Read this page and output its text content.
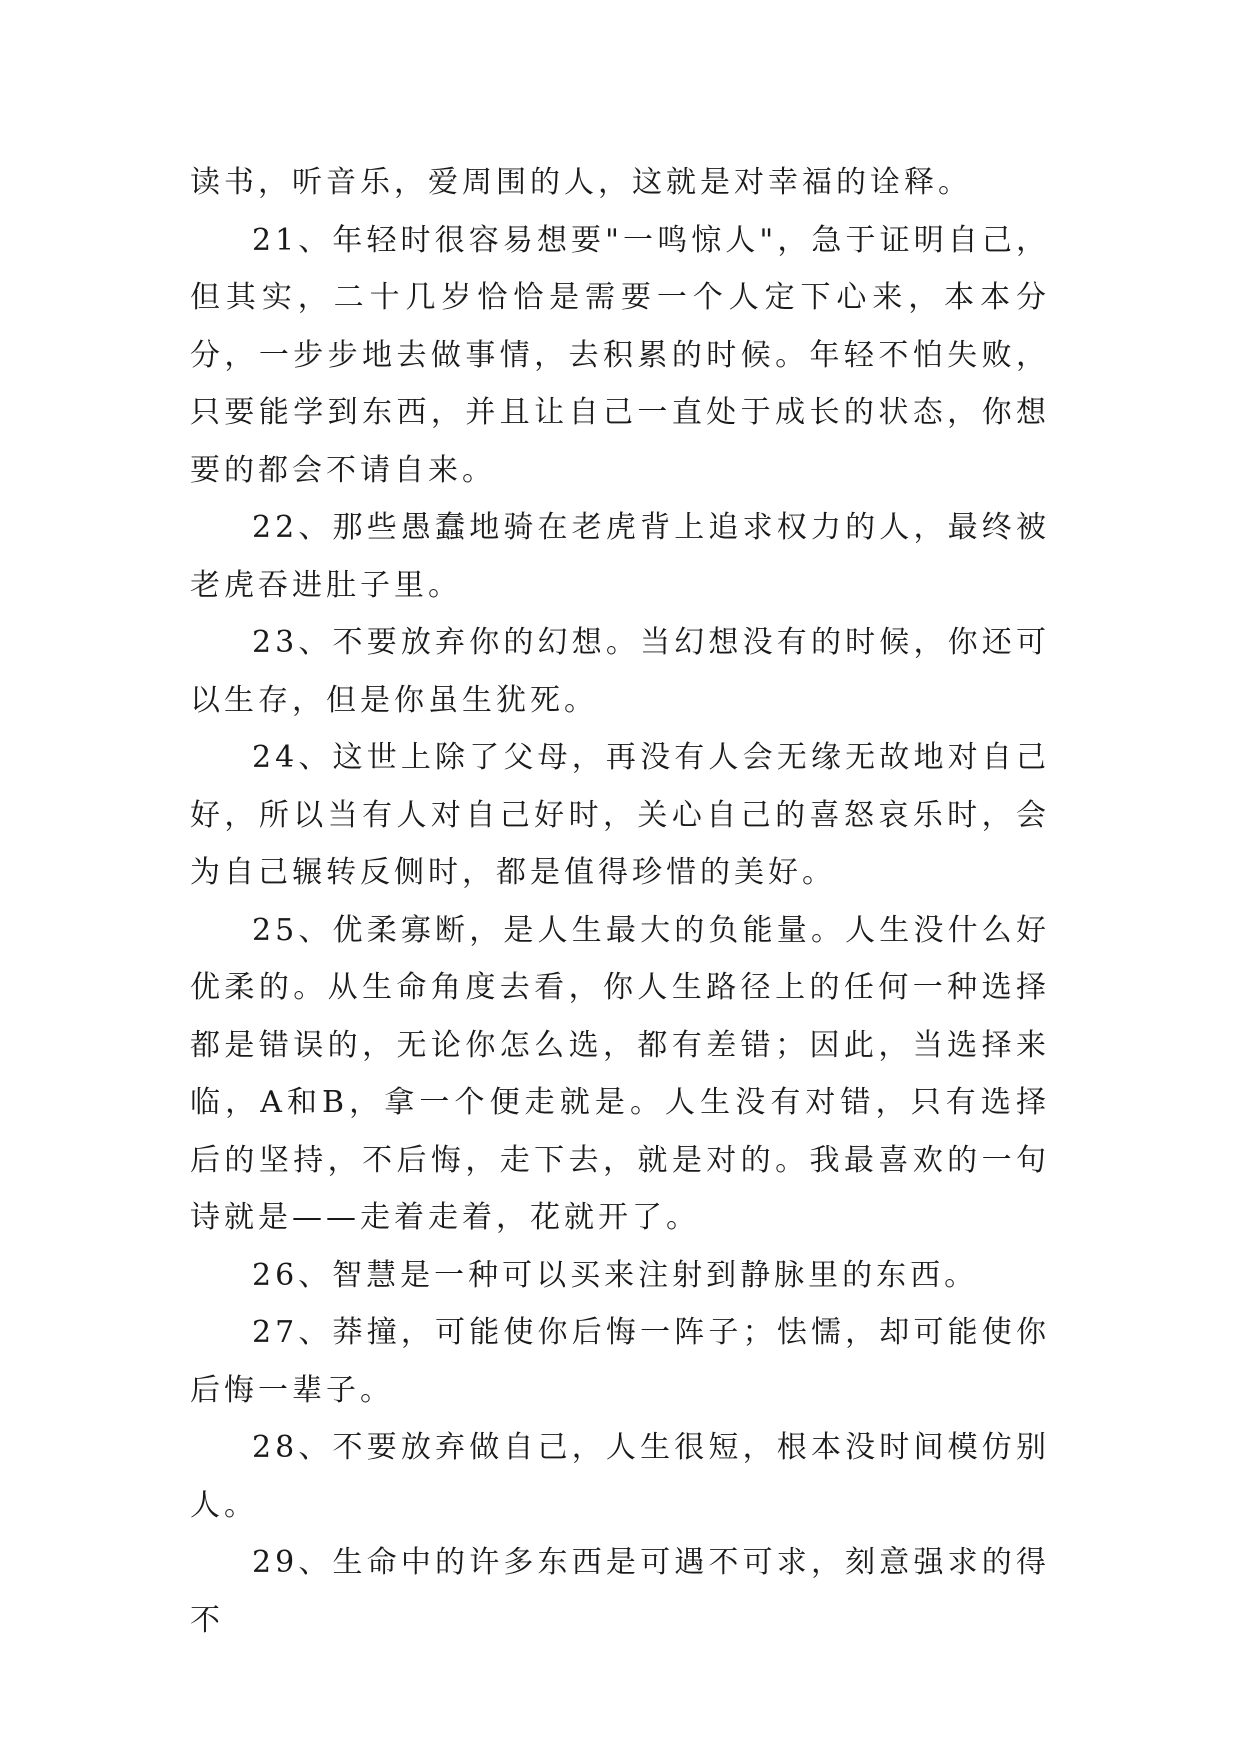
读书，听音乐，爱周围的人，这就是对幸福的诠释。

21、年轻时很容易想要"一鸣惊人"，急于证明自己，但其实，二十几岁恰恰是需要一个人定下心来，本本分分，一步步地去做事情，去积累的时候。年轻不怕失败，只要能学到东西，并且让自己一直处于成长的状态，你想要的都会不请自来。

22、那些愚蠢地骑在老虎背上追求权力的人，最终被老虎吞进肚子里。

23、不要放弃你的幻想。当幻想没有的时候，你还可以生存，但是你虽生犹死。

24、这世上除了父母，再没有人会无缘无故地对自己好，所以当有人对自己好时，关心自己的喜怒哀乐时，会为自己辗转反侧时，都是值得珍惜的美好。

25、优柔寡断，是人生最大的负能量。人生没什么好优柔的。从生命角度去看，你人生路径上的任何一种选择都是错误的，无论你怎么选，都有差错；因此，当选择来临，A和B，拿一个便走就是。人生没有对错，只有选择后的坚持，不后悔，走下去，就是对的。我最喜欢的一句诗就是——走着走着，花就开了。

26、智慧是一种可以买来注射到静脉里的东西。

27、莽撞，可能使你后悔一阵子；怯懦，却可能使你后悔一辈子。

28、不要放弃做自己，人生很短，根本没时间模仿别人。

29、生命中的许多东西是可遇不可求，刻意强求的得不
